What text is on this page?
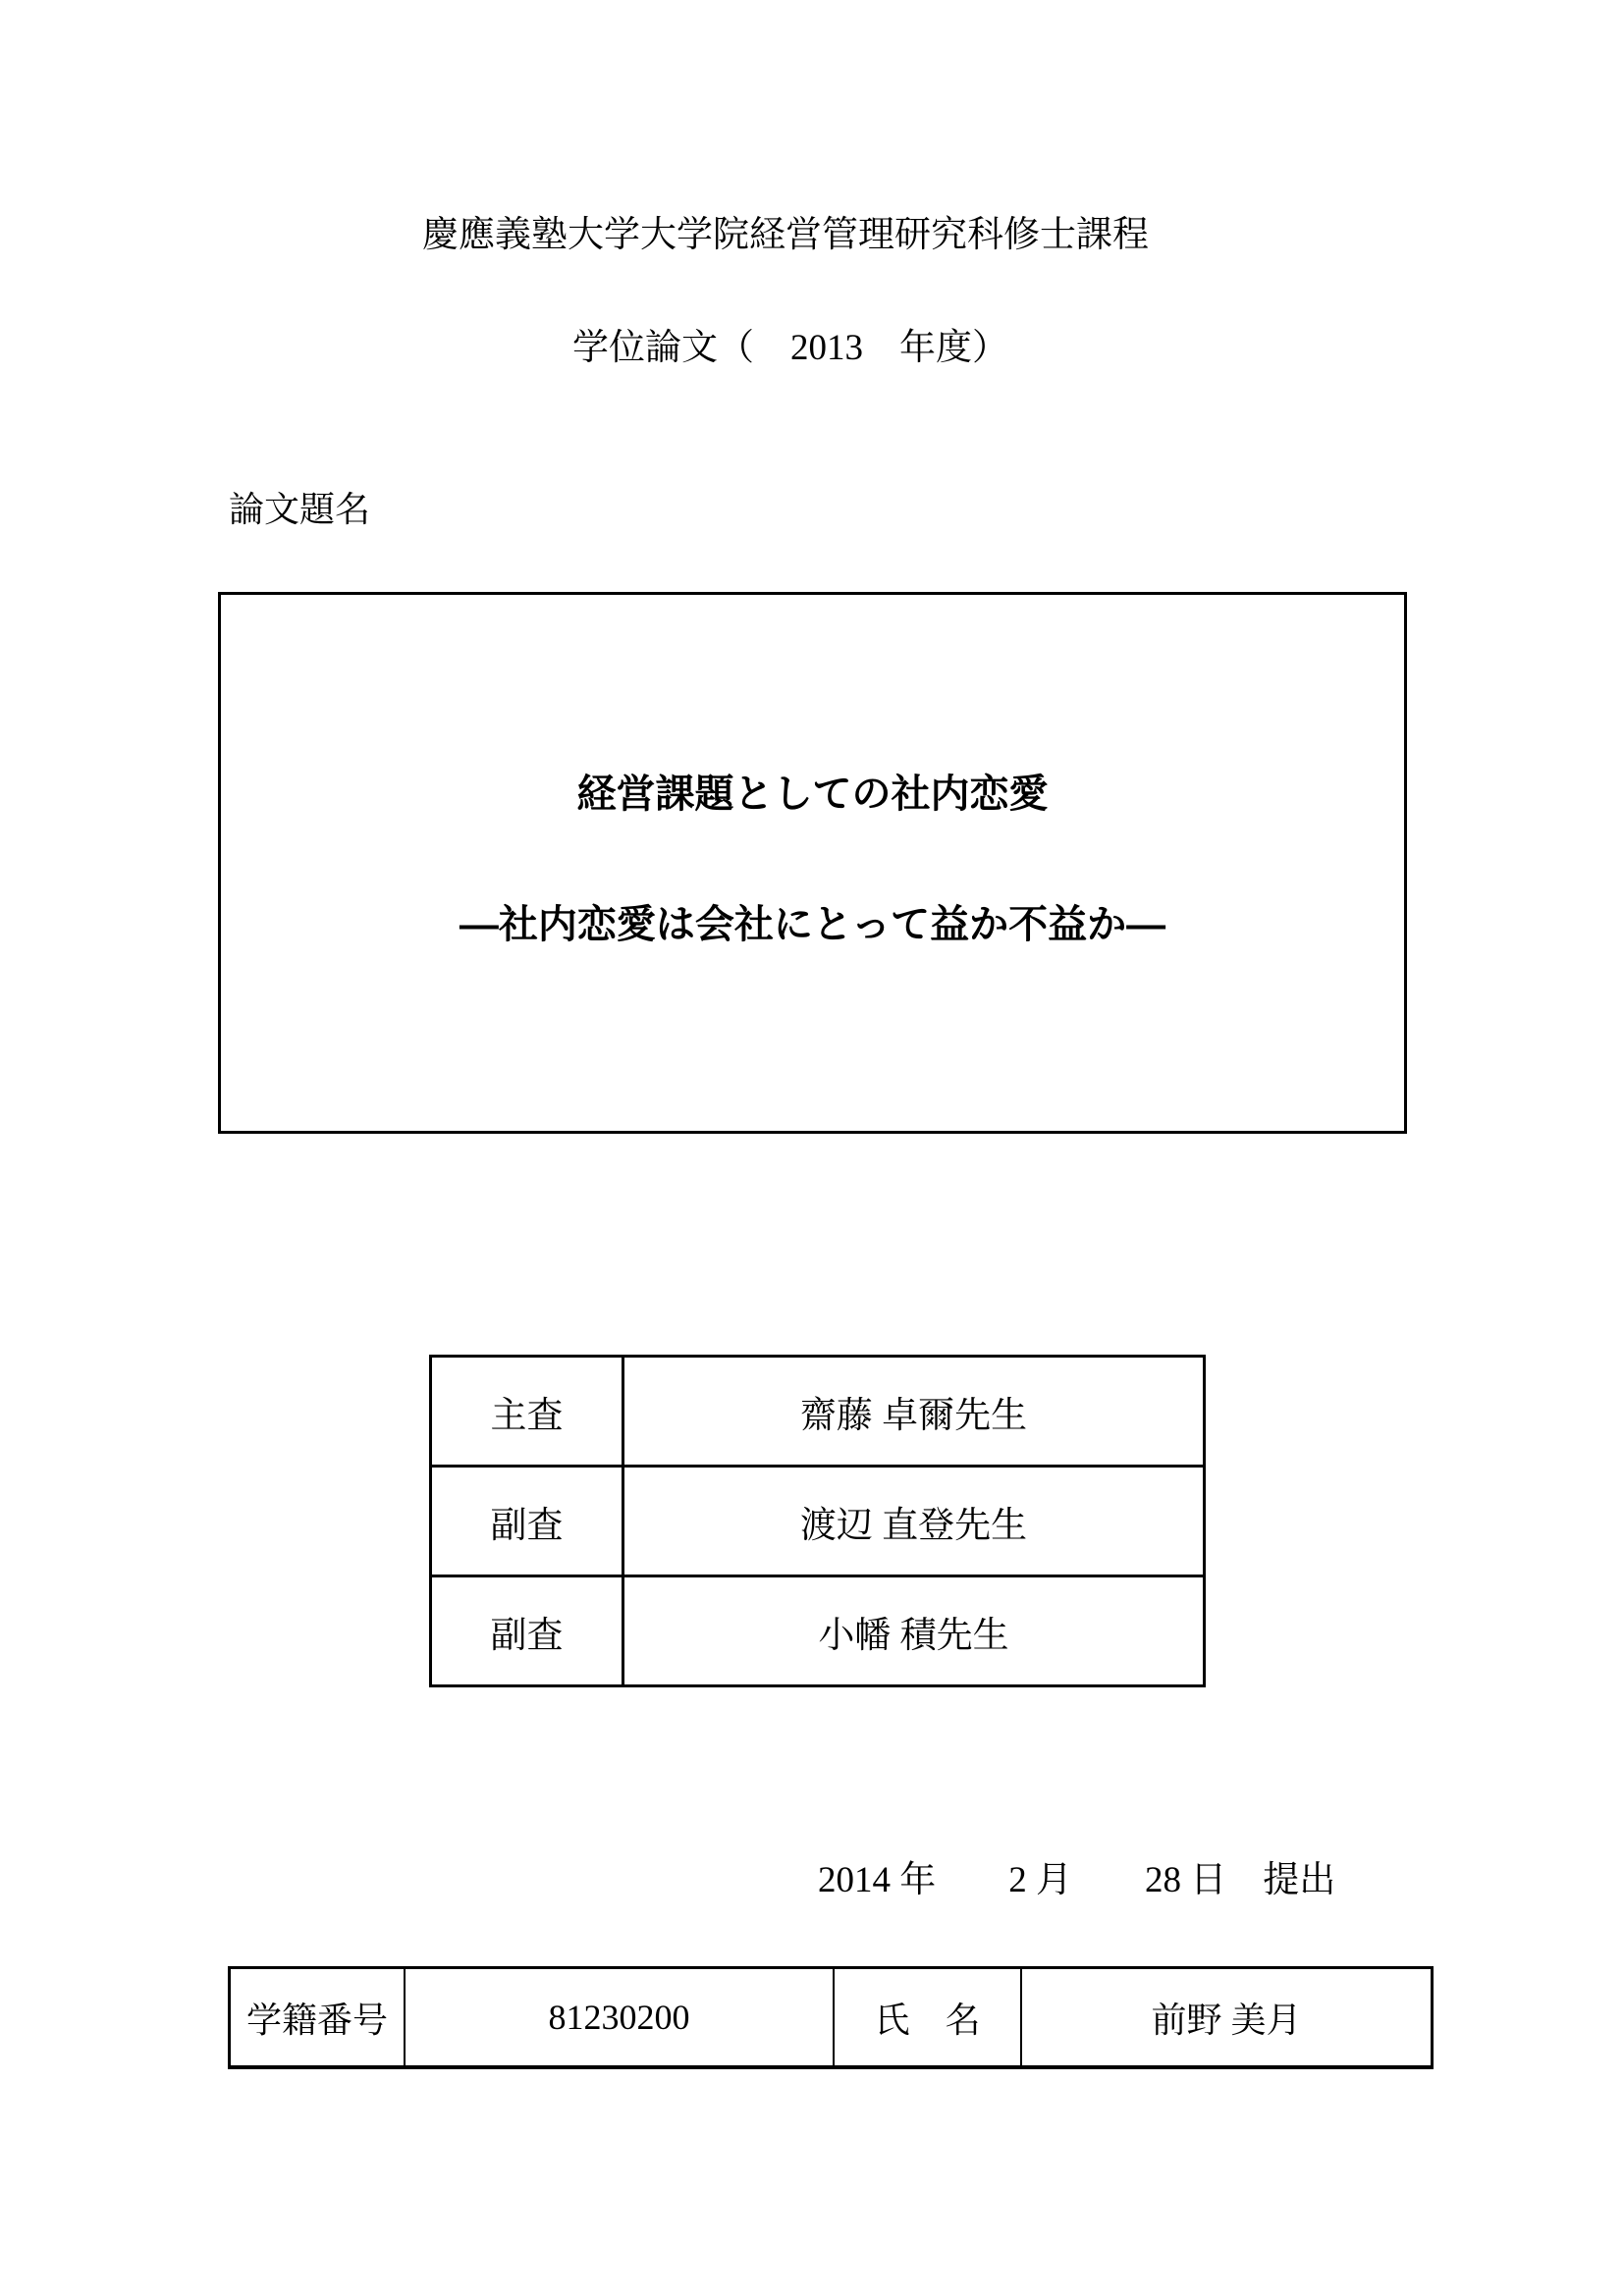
慶應義塾大学大学院経営管理研究科修士課程
学位論文（　2013　年度）
論文題名
経営課題としての社内恋愛
―社内恋愛は会社にとって益か不益か―
主査	齋藤 卓爾先生
副査	渡辺 直登先生
副査	小幡 積先生
2014 年　　2 月　　28 日　提出
学籍番号	81230200	氏　名	前野 美月
